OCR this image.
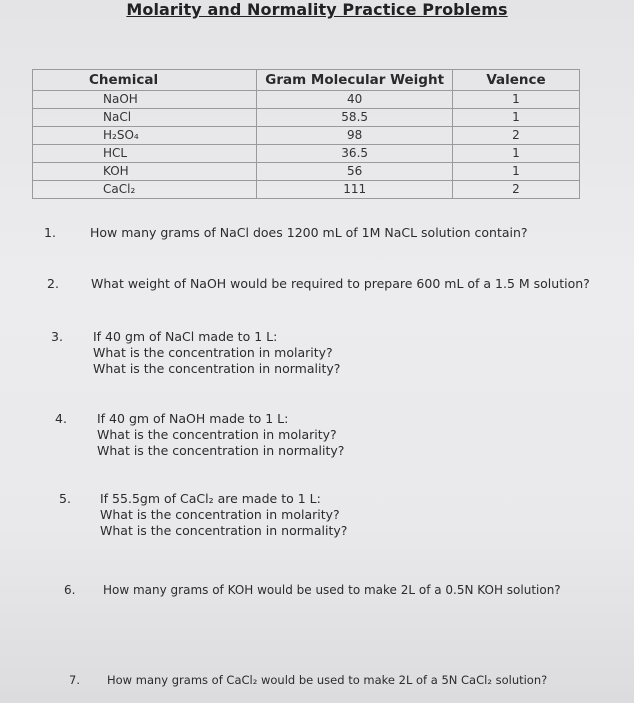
Molarity and Normality Practice Problems
Chemical	Gram Molecular Weight	Valence
NaOH	40	1
NaCl	58.5	1
H₂SO₄	98	2
HCL	36.5	1
KOH	56	1
CaCl₂	111	2
1.	How many grams of NaCl does 1200 mL of 1M NaCL solution contain?
2.	What weight of NaOH would be required to prepare 600 mL of a 1.5 M solution?
3. If 40 gm of NaCl made to 1 L:
What is the concentration in molarity?
What is the concentration in normality?
4. If 40 gm of NaOH made to 1 L:
What is the concentration in molarity?
What is the concentration in normality?
5. If 55.5gm of CaCl₂ are made to 1 L:
What is the concentration in molarity?
What is the concentration in normality?
6. How many grams of KOH would be used to make 2L of a 0.5N KOH solution?
7. How many grams of CaCl₂ would be used to make 2L of a 5N CaCl₂ solution?
